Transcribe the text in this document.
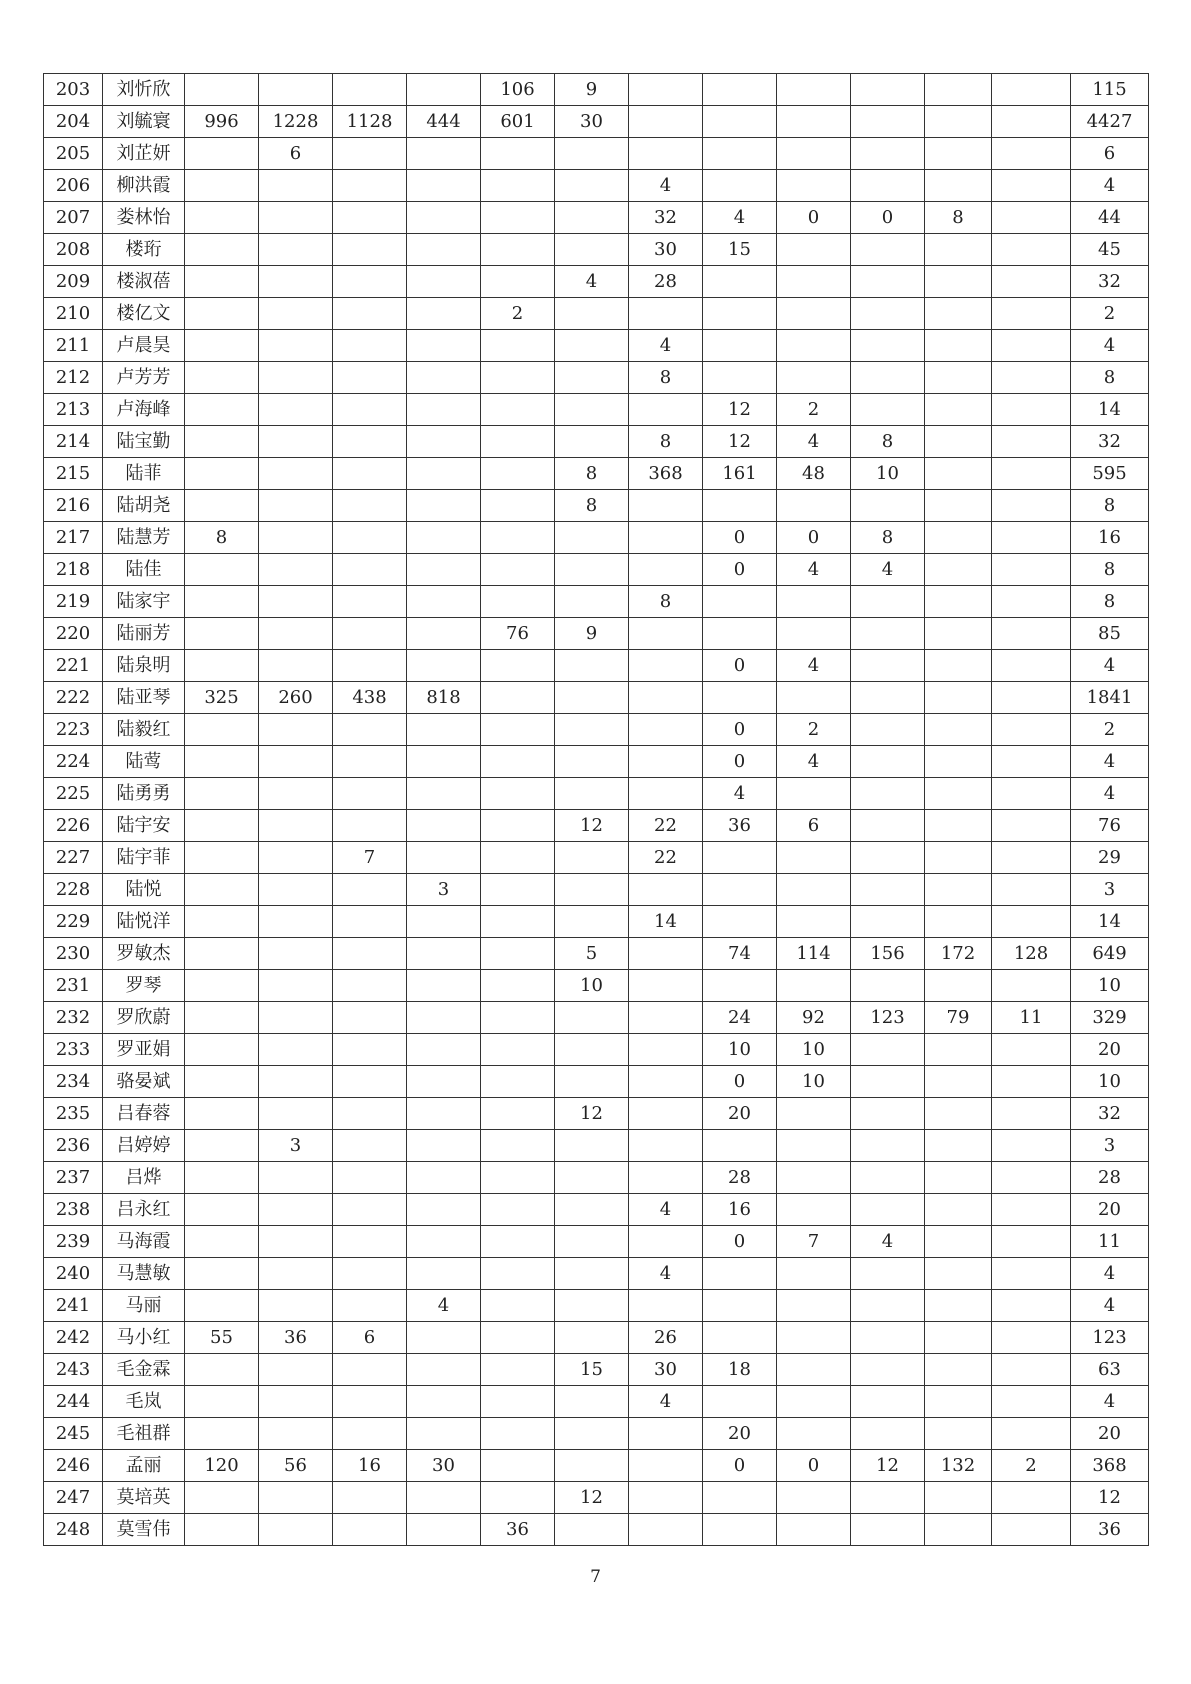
203	刘忻欣					106	9							115
204	刘毓寰	996	1228	1128	444	601	30							4427
205	刘芷妍		6											6
206	柳洪霞							4						4
207	娄林怡							32	4	0	0	8		44
208	楼珩							30	15					45
209	楼淑蓓						4	28						32
210	楼亿文					2								2
211	卢晨昊							4						4
212	卢芳芳							8						8
213	卢海峰								12	2				14
214	陆宝勤							8	12	4	8			32
215	陆菲						8	368	161	48	10			595
216	陆胡尧						8							8
217	陆慧芳	8							0	0	8			16
218	陆佳								0	4	4			8
219	陆家宇							8						8
220	陆丽芳					76	9							85
221	陆泉明								0	4				4
222	陆亚琴	325	260	438	818									1841
223	陆毅红								0	2				2
224	陆莺								0	4				4
225	陆勇勇								4					4
226	陆宇安						12	22	36	6				76
227	陆宇菲			7				22						29
228	陆悦				3									3
229	陆悦洋							14						14
230	罗敏杰						5		74	114	156	172	128	649
231	罗琴						10							10
232	罗欣蔚								24	92	123	79	11	329
233	罗亚娟								10	10				20
234	骆晏斌								0	10				10
235	吕春蓉						12		20					32
236	吕婷婷		3											3
237	吕烨								28					28
238	吕永红							4	16					20
239	马海霞								0	7	4			11
240	马慧敏							4						4
241	马丽				4									4
242	马小红	55	36	6				26						123
243	毛金霖						15	30	18					63
244	毛岚							4						4
245	毛祖群								20					20
246	孟丽	120	56	16	30				0	0	12	132	2	368
247	莫培英						12							12
248	莫雪伟					36								36
7
